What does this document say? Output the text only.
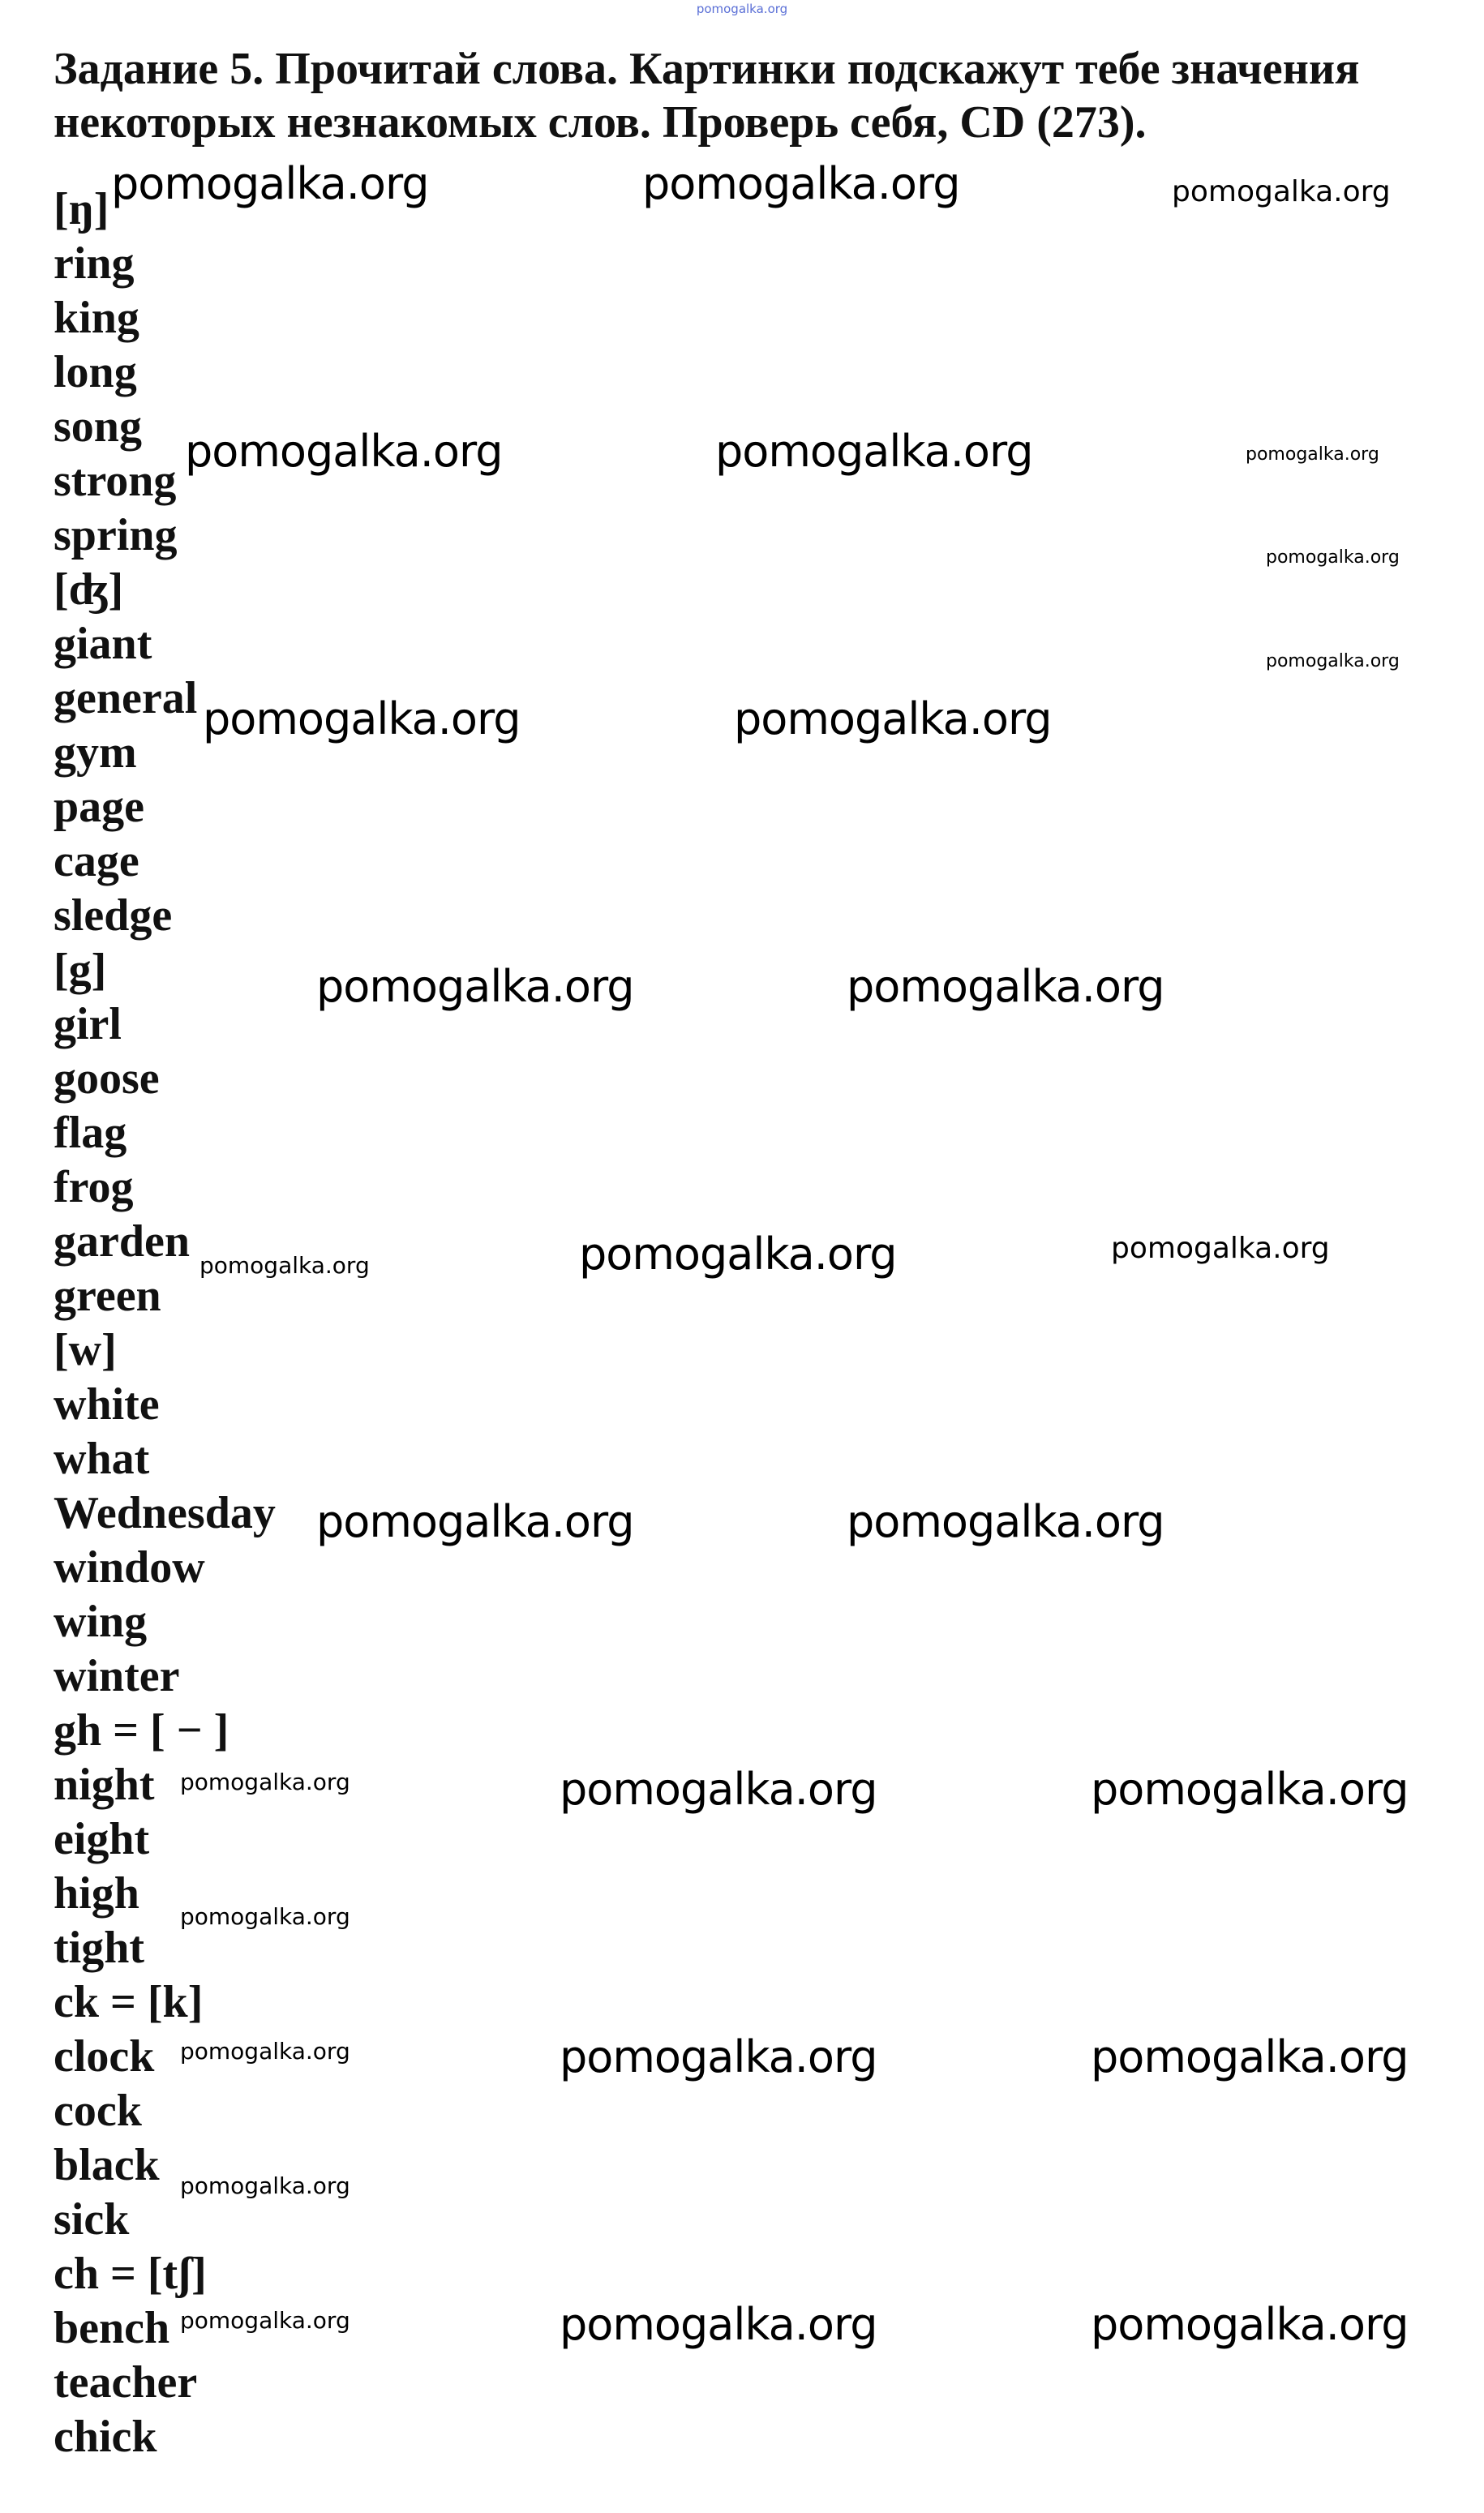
pomogalka.org

Задание 5. Прочитай слова. Картинки подскажут тебе значения некоторых незнакомых слов. Проверь себя, CD (273).

[ŋ]
ring
king
long
song
strong
spring
[ʤ]
giant
general
gym
page
cage
sledge
[g]
girl
goose
flag
frog
garden
green
[w]
white
what
Wednesday
window
wing
winter
gh = [ − ]
night
eight
high
tight
ck = [k]
clock
cock
black
sick
ch = [tʃ]
bench
teacher
chick
pomogalka.org	pomogalka.org	pomogalka.org
pomogalka.org	pomogalka.org	pomogalka.org
pomogalka.org
pomogalka.org
pomogalka.org	pomogalka.org
pomogalka.org	pomogalka.org
pomogalka.org	pomogalka.org	pomogalka.org
pomogalka.org	pomogalka.org
pomogalka.org	pomogalka.org	pomogalka.org
pomogalka.org
pomogalka.org	pomogalka.org	pomogalka.org
pomogalka.org
pomogalka.org	pomogalka.org	pomogalka.org
